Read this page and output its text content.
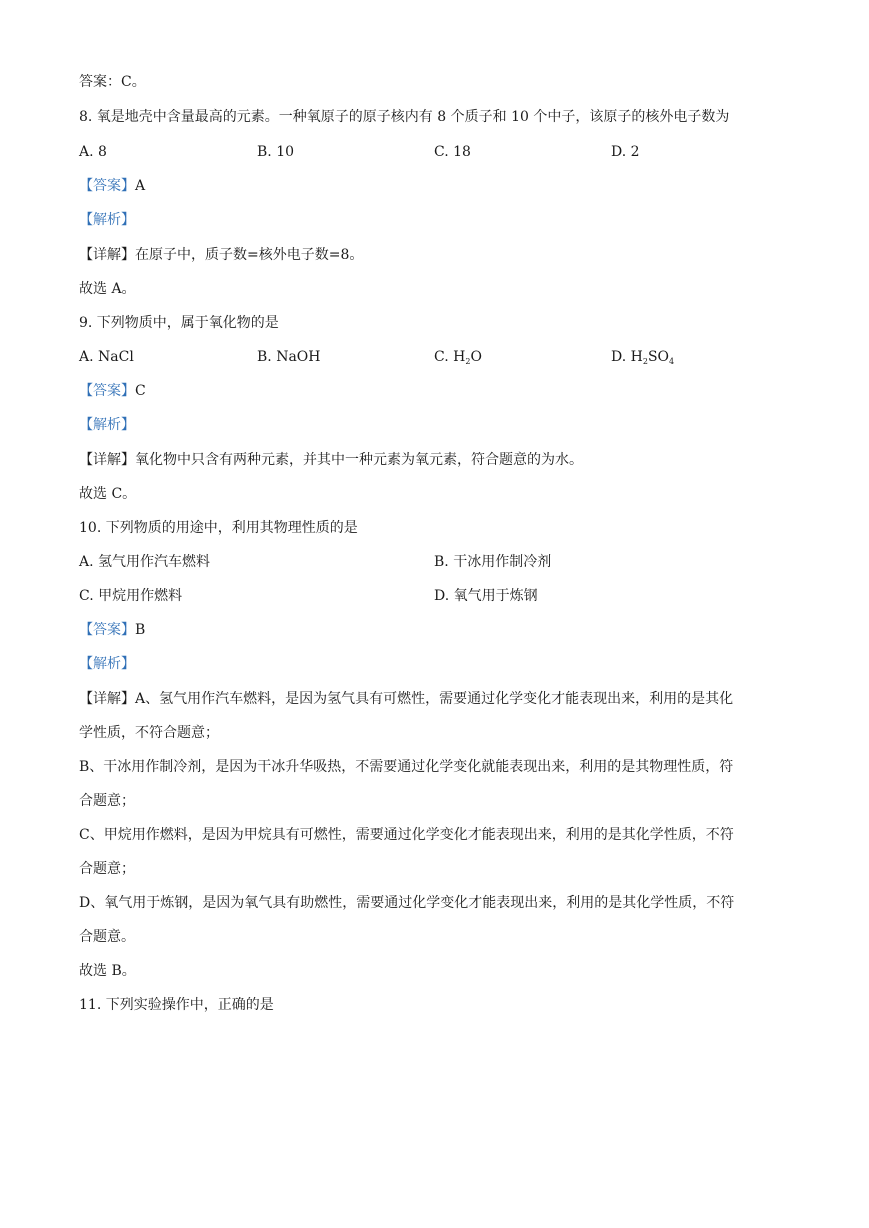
答案：C。

8. 氧是地壳中含量最高的元素。一种氧原子的原子核内有 8 个质子和 10 个中子，该原子的核外电子数为

A. 8	B. 10	C. 18	D. 2

【答案】A

【解析】

【详解】在原子中，质子数=核外电子数=8。

故选 A。

9. 下列物质中，属于氧化物的是

A. NaCl	B. NaOH	C. $H_2O$	D. $H_2SO_4$

【答案】C

【解析】

【详解】氧化物中只含有两种元素，并其中一种元素为氧元素，符合题意的为水。

故选 C。

10. 下列物质的用途中，利用其物理性质的是

A. 氢气用作汽车燃料	B. 干冰用作制冷剂
C. 甲烷用作燃料	D. 氧气用于炼钢

【答案】B

【解析】

【详解】A、氢气用作汽车燃料，是因为氢气具有可燃性，需要通过化学变化才能表现出来，利用的是其化

学性质，不符合题意；

B、干冰用作制冷剂，是因为干冰升华吸热，不需要通过化学变化就能表现出来，利用的是其物理性质，符

合题意；

C、甲烷用作燃料，是因为甲烷具有可燃性，需要通过化学变化才能表现出来，利用的是其化学性质，不符

合题意；

D、氧气用于炼钢，是因为氧气具有助燃性，需要通过化学变化才能表现出来，利用的是其化学性质，不符

合题意。

故选 B。

11. 下列实验操作中，正确的是
